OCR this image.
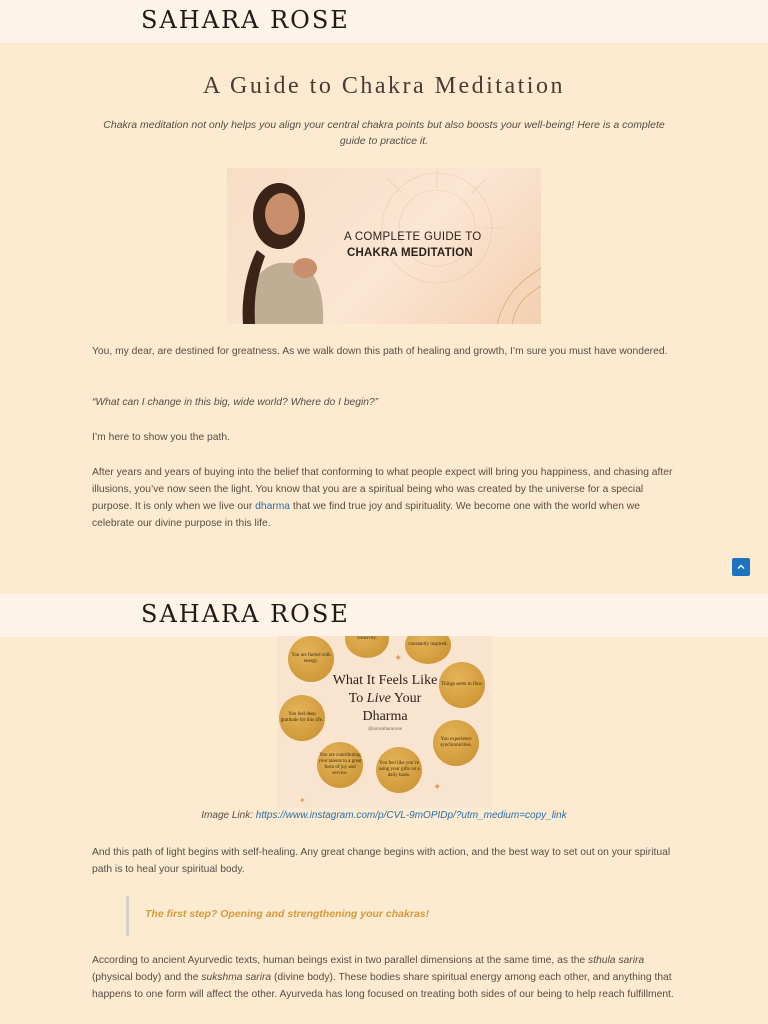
SAHARA ROSE
A Guide to Chakra Meditation
Chakra meditation not only helps you align your central chakra points but also boosts your well-being! Here is a complete guide to practice it.
A COMPLETE GUIDE TO
CHAKRA MEDITATION
You, my dear, are destined for greatness. As we walk down this path of healing and growth, I’m sure you must have wondered.
“What can I change in this big, wide world? Where do I begin?”
I’m here to show you the path.
After years and years of buying into the belief that conforming to what people expect will bring you happiness, and chasing after illusions, you’ve now seen the light. You know that you are a spiritual being who was created by the universe for a special purpose. It is only when we live our dharma that we find true joy and spirituality. We become one with the world when we celebrate our divine purpose in this life.
SAHARA ROSE
creativity.
constantly inspired.
You are fueled with energy.
Things seem to flow.
You feel deep gratitude for this life.
You experience synchronicities.
You are contributing your talents to a great form of joy and service.
You feel like you’re using your gifts on a daily basis.
What It Feels Like To Live Your Dharma
@iamsahararose
✦
✦
✦
Image Link: https://www.instagram.com/p/CVL-9mOPIDp/?utm_medium=copy_link
And this path of light begins with self-healing. Any great change begins with action, and the best way to set out on your spiritual path is to heal your spiritual body.
The first step? Opening and strengthening your chakras!
According to ancient Ayurvedic texts, human beings exist in two parallel dimensions at the same time, as the sthula sarira (physical body) and the sukshma sarira (divine body). These bodies share spiritual energy among each other, and anything that happens to one form will affect the other. Ayurveda has long focused on treating both sides of our being to help reach fulfillment.
